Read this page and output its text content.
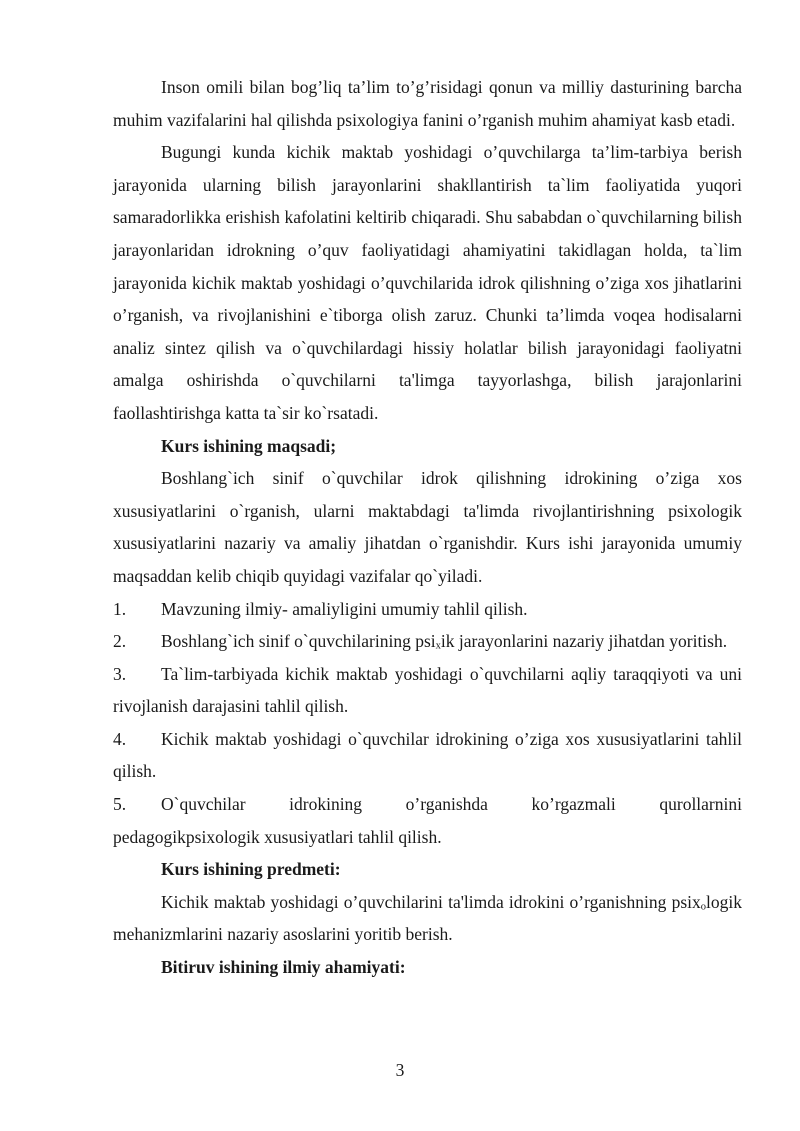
Inson omili bilan bog’liq ta’lim to’g’risidagi qonun va milliy dasturining barcha muhim vazifalarini hal qilishda psixologiya fanini o’rganish muhim ahamiyat kasb etadi.

Bugungi kunda kichik maktab yoshidagi o’quvchilarga ta’lim-tarbiya berish jarayonida ularning bilish jarayonlarini shakllantirish ta`lim faoliyatida yuqori samaradorlikka erishish kafolatini keltirib chiqaradi. Shu sababdan o`quvchilarning bilish jarayonlaridan idrokning o’quv faoliyatidagi ahamiyatini takidlagan holda, ta`lim jarayonida kichik maktab yoshidagi o’quvchilarida idrok qilishning o’ziga xos jihatlarini o’rganish, va rivojlanishini e`tiborga olish zaruz. Chunki ta’limda voqea hodisalarni analiz sintez qilish va o`quvchilardagi hissiy holatlar bilish jarayonidagi faoliyatni amalga oshirishda o`quvchilarni ta'limga tayyorlashga, bilish jarajonlarini faollashtirishga katta ta`sir ko`rsatadi.

Kurs ishining maqsadi;

Boshlang`ich sinif o`quvchilar idrok qilishning idrokining o’ziga xos xususiyatlarini o`rganish, ularni maktabdagi ta'limda rivojlantirishning psixologik xususiyatlarini nazariy va amaliy jihatdan o`rganishdir. Kurs ishi jarayonida umumiy maqsaddan kelib chiqib quyidagi vazifalar qo`yiladi.

1. Mavzuning ilmiy- amaliyligini umumiy tahlil qilish.

2. Boshlang`ich sinif o`quvchilarining psi$_x$ik jarayonlarini nazariy jihatdan yoritish.

3. Ta`lim-tarbiyada kichik maktab yoshidagi o`quvchilarni aqliy taraqqiyoti va uni rivojlanish darajasini tahlil qilish.

4. Kichik maktab yoshidagi o`quvchilar idrokining o’ziga xos xususiyatlarini tahlil qilish.

5. O`quvchilar idrokining o’rganishda ko’rgazmali qurollarnini

pedagogikpsixologik xususiyatlari tahlil qilish.

Kurs ishining predmeti:

Kichik maktab yoshidagi o’quvchilarini ta'limda idrokini o’rganishning psix$_o$logik mehanizmlarini nazariy asoslarini yoritib berish.

Bitiruv ishining ilmiy ahamiyati:

3
